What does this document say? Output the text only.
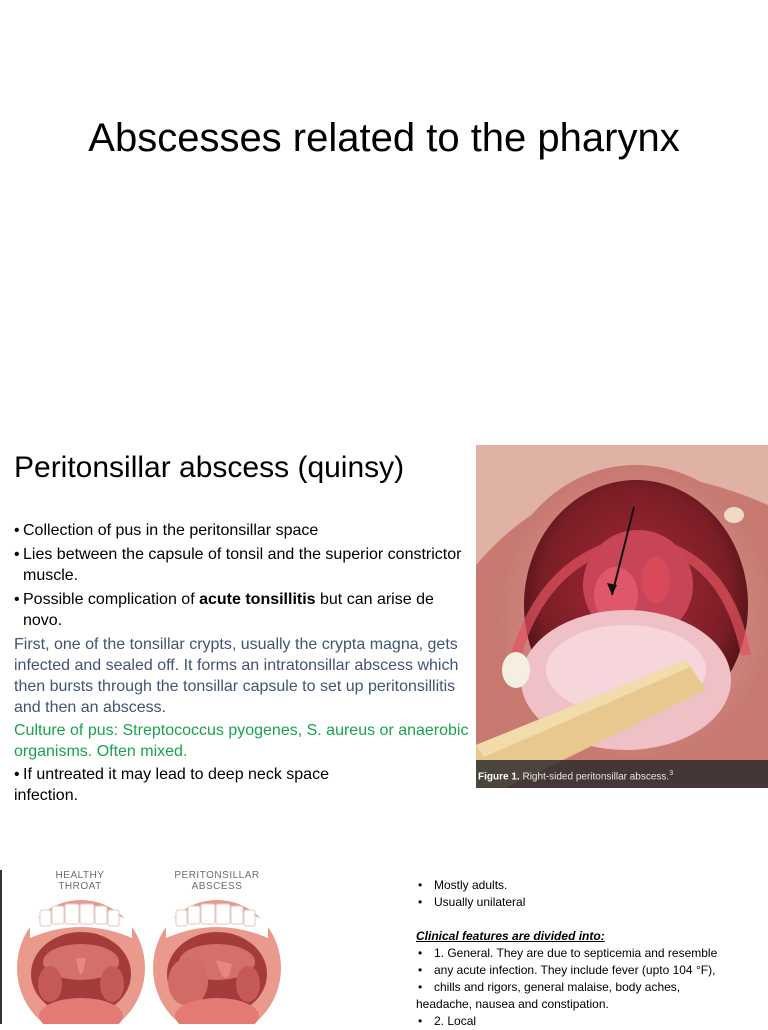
Abscesses related to the pharynx
Peritonsillar abscess (quinsy)
• Collection of pus in the peritonsillar space
• Lies between the capsule of tonsil and the superior constrictor muscle.
• Possible complication of acute tonsillitis but can arise de novo.
First, one of the tonsillar crypts, usually the crypta magna, gets infected and sealed off. It forms an intratonsillar abscess which then bursts through the tonsillar capsule to set up peritonsillitis and then an abscess.
Culture of pus: Streptococcus pyogenes, S. aureus or anaerobic organisms. Often mixed.
• If untreated it may lead to deep neck space
infection.
Figure 1. Right-sided peritonsillar abscess.$^3$
HEALTHY
THROAT
PERITONSILLAR
ABSCESS
•	Mostly adults.
• Usually unilateral
Clinical features are divided into:
• 1. General. They are due to septicemia and resemble
• any acute infection. They include fever (upto 104 °F),
• chills and rigors, general malaise, body aches,
headache, nausea and constipation.
• 2. Local
